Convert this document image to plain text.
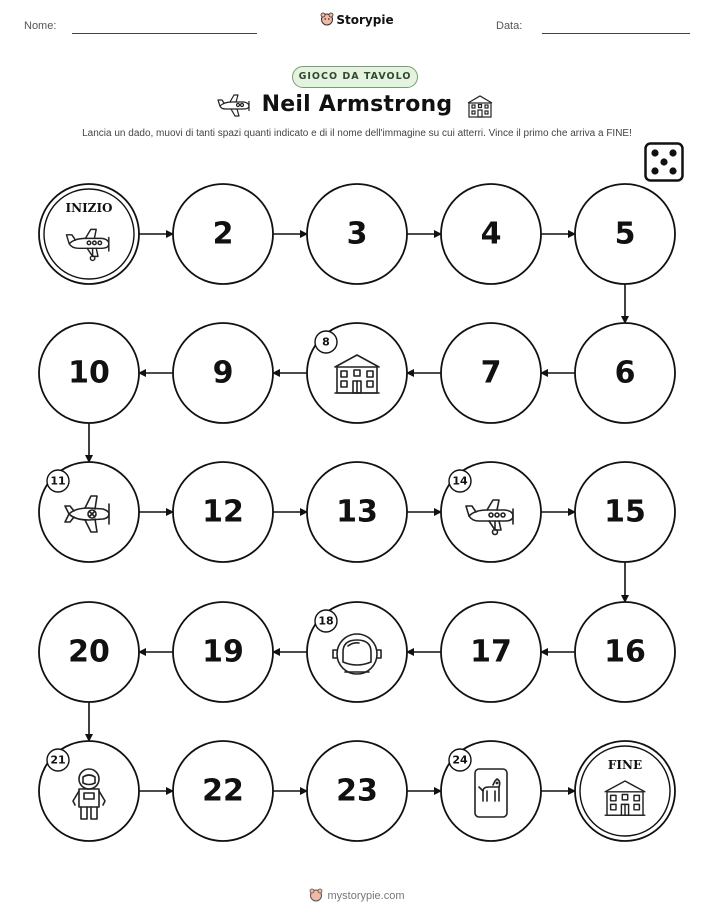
Nome:	Storypie	Data:
GIOCO DA TAVOLO
Neil Armstrong
Lancia un dado, muovi di tanti spazi quanti indicato e di il nome dell'immagine su cui atterri. Vince il primo che arriva a FINE!
INIZIO
2	3	4	5
6
7
8
9
10
11
12	13
14
15
16
17
18
19
20
21
22	23
24	FINE
mystorypie.com
